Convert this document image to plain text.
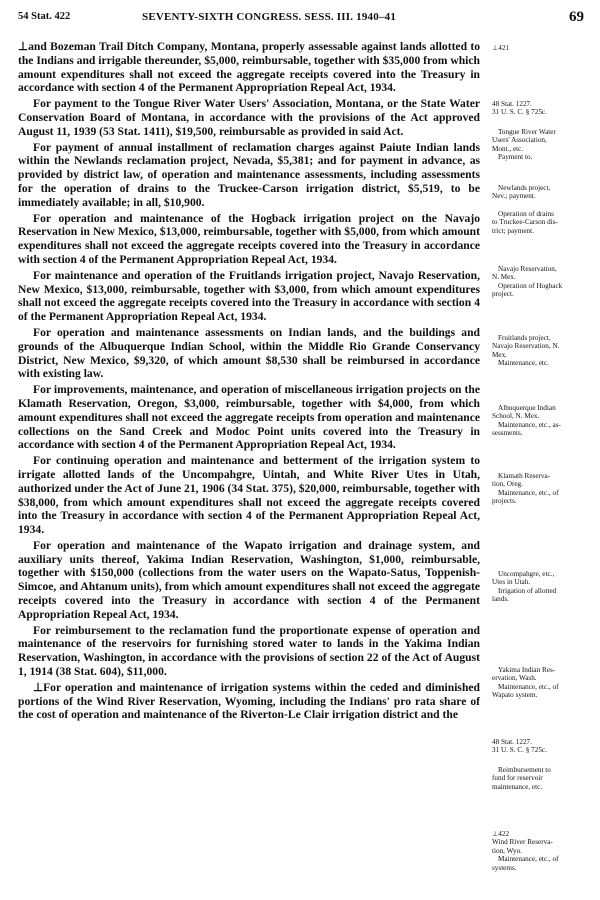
54 Stat. 422	SEVENTY-SIXTH CONGRESS. SESS. III. 1940–41	69

⊥and Bozeman Trail Ditch Company, Montana, properly assessable against lands allotted to the Indians and irrigable thereunder, $5,000, reimbursable, together with $35,000 from which amount expenditures shall not exceed the aggregate receipts covered into the Treasury in accordance with section 4 of the Permanent Appropriation Repeal Act, 1934.

For payment to the Tongue River Water Users' Association, Montana, or the State Water Conservation Board of Montana, in accordance with the provisions of the Act approved August 11, 1939 (53 Stat. 1411), $19,500, reimbursable as provided in said Act.

For payment of annual installment of reclamation charges against Paiute Indian lands within the Newlands reclamation project, Nevada, $5,381; and for payment in advance, as provided by district law, of operation and maintenance assessments, including assessments for the operation of drains to the Truckee-Carson irrigation district, $5,519, to be immediately available; in all, $10,900.

For operation and maintenance of the Hogback irrigation project on the Navajo Reservation in New Mexico, $13,000, reimbursable, together with $5,000, from which amount expenditures shall not exceed the aggregate receipts covered into the Treasury in accordance with section 4 of the Permanent Appropriation Repeal Act, 1934.

For maintenance and operation of the Fruitlands irrigation project, Navajo Reservation, New Mexico, $13,000, reimbursable, together with $3,000, from which amount expenditures shall not exceed the aggregate receipts covered into the Treasury in accordance with section 4 of the Permanent Appropriation Repeal Act, 1934.

For operation and maintenance assessments on Indian lands, and the buildings and grounds of the Albuquerque Indian School, within the Middle Rio Grande Conservancy District, New Mexico, $9,320, of which amount $8,530 shall be reimbursed in accordance with existing law.

For improvements, maintenance, and operation of miscellaneous irrigation projects on the Klamath Reservation, Oregon, $3,000, reimbursable, together with $4,000, from which amount expenditures shall not exceed the aggregate receipts from operation and maintenance collections on the Sand Creek and Modoc Point units covered into the Treasury in accordance with section 4 of the Permanent Appropriation Repeal Act, 1934.

For continuing operation and maintenance and betterment of the irrigation system to irrigate allotted lands of the Uncompahgre, Uintah, and White River Utes in Utah, authorized under the Act of June 21, 1906 (34 Stat. 375), $20,000, reimbursable, together with $38,000, from which amount expenditures shall not exceed the aggregate receipts covered into the Treasury in accordance with section 4 of the Permanent Appropriation Repeal Act, 1934.

For operation and maintenance of the Wapato irrigation and drainage system, and auxiliary units thereof, Yakima Indian Reservation, Washington, $1,000, reimbursable, together with $150,000 (collections from the water users on the Wapato-Satus, Toppenish-Simcoe, and Ahtanum units), from which amount expenditures shall not exceed the aggregate receipts covered into the Treasury in accordance with section 4 of the Permanent Appropriation Repeal Act, 1934.

For reimbursement to the reclamation fund the proportionate expense of operation and maintenance of the reservoirs for furnishing stored water to lands in the Yakima Indian Reservation, Washington, in accordance with the provisions of section 22 of the Act of August 1, 1914 (38 Stat. 604), $11,000.

⊥For operation and maintenance of irrigation systems within the ceded and diminished portions of the Wind River Reservation, Wyoming, including the Indians' pro rata share of the cost of operation and maintenance of the Riverton-Le Clair irrigation district and the

⊥421
48 Stat. 1227.
31 U. S. C. § 725c.
Tongue River Water
Users' Association,
Mont., etc.
Payment to.
Newlands project,
Nev.; payment.
Operation of drains
to Truckee-Carson dis-
trict; payment.
Navajo Reservation,
N. Mex.
Operation of Hogback
project.
Fruitlands project,
Navajo Reservation, N.
Mex.
Maintenance, etc.
Albuquerque Indian
School, N. Mex.
Maintenance, etc., as-
sessments.
Klamath Reserva-
tion, Oreg.
Maintenance, etc., of
projects.
Uncompahgre, etc.,
Utes in Utah.
Irrigation of allotted
lands.
Yakima Indian Res-
ervation, Wash.
Maintenance, etc., of
Wapato system.
48 Stat. 1227.
31 U. S. C. § 725c.
Reimbursement to
fund for reservoir
maintenance, etc.
⊥422
Wind River Reserva-
tion, Wyo.
Maintenance, etc., of
systems.
